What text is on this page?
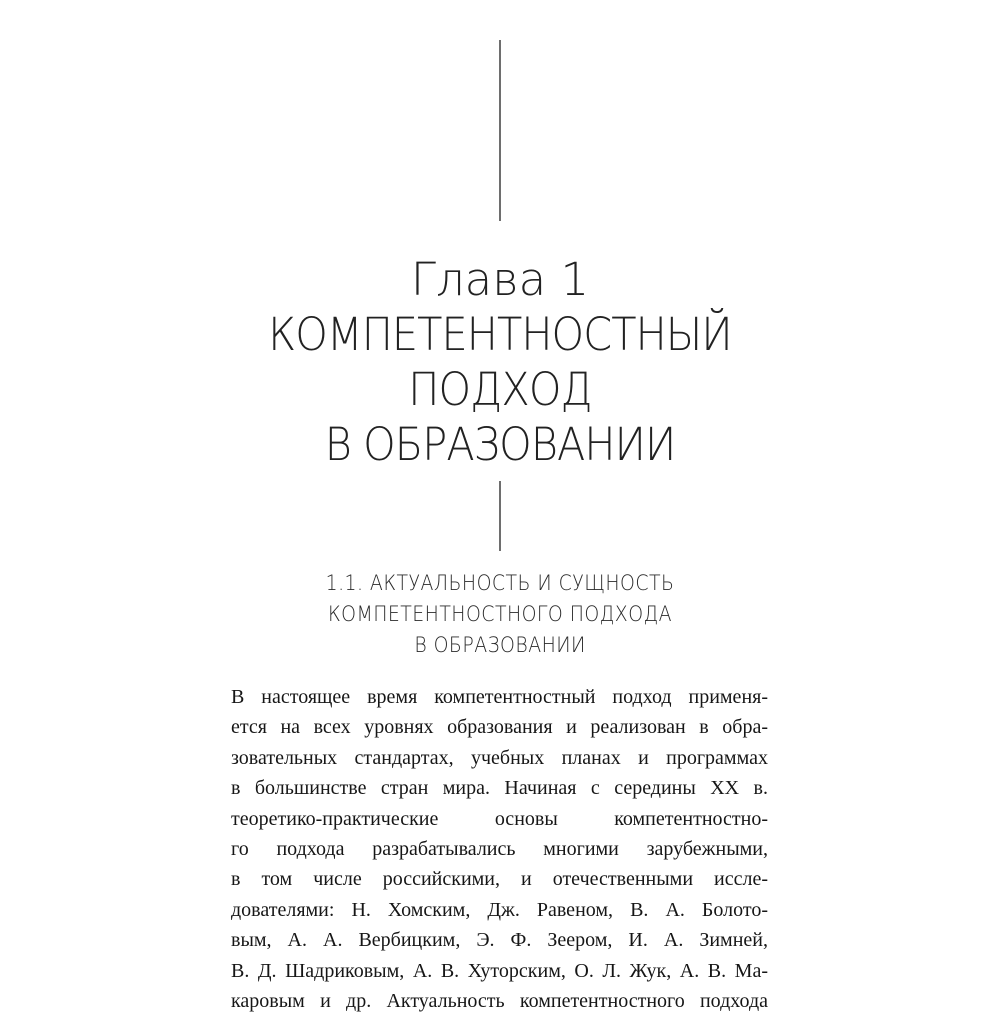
Глава 1
КОМПЕТЕНТНОСТНЫЙ
ПОДХОД
В ОБРАЗОВАНИИ
1.1. АКТУАЛЬНОСТЬ И СУЩНОСТЬ
КОМПЕТЕНТНОСТНОГО ПОДХОДА
В ОБРАЗОВАНИИ
В настоящее время компетентностный подход применя-
ется на всех уровнях образования и реализован в обра-
зовательных стандартах, учебных планах и программах
в большинстве стран мира. Начиная с середины XX в.
теоретико-практические основы компетентностно-
го подхода разрабатывались многими зарубежными,
в том числе российскими, и отечественными иссле-
дователями: Н. Хомским, Дж. Равеном, В. А. Болото-
вым, А. А. Вербицким, Э. Ф. Зеером, И. А. Зимней,
В. Д. Шадриковым, А. В. Хуторским, О. Л. Жук, А. В. Ма-
каровым и др. Актуальность компетентностного подхода
